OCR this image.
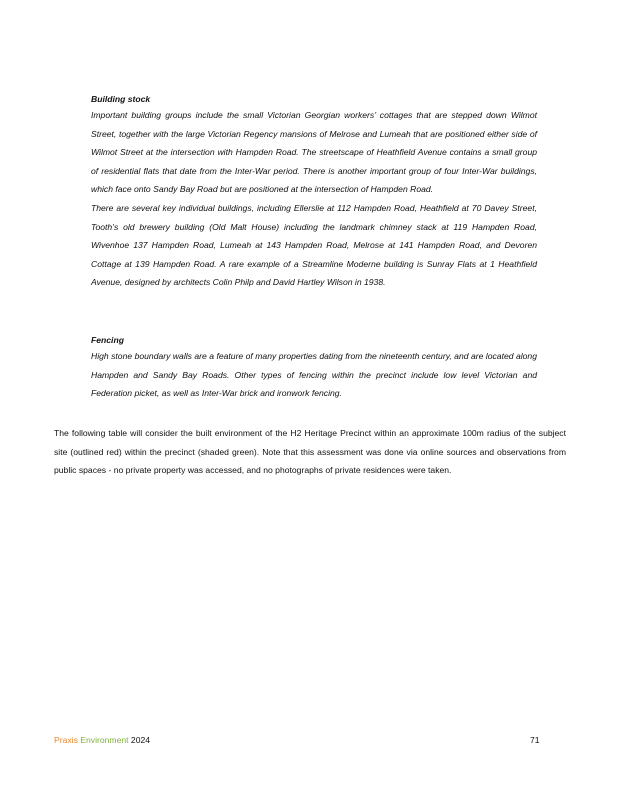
Building stock

Important building groups include the small Victorian Georgian workers’ cottages that are stepped down Wilmot Street, together with the large Victorian Regency mansions of Melrose and Lumeah that are positioned either side of Wilmot Street at the intersection with Hampden Road. The streetscape of Heathfield Avenue contains a small group of residential flats that date from the Inter-War period. There is another important group of four Inter-War buildings, which face onto Sandy Bay Road but are positioned at the intersection of Hampden Road.

There are several key individual buildings, including Ellerslie at 112 Hampden Road, Heathfield at 70 Davey Street, Tooth’s old brewery building (Old Malt House) including the landmark chimney stack at 119 Hampden Road, Wivenhoe 137 Hampden Road, Lumeah at 143 Hampden Road, Melrose at 141 Hampden Road, and Devoren Cottage at 139 Hampden Road. A rare example of a Streamline Moderne building is Sunray Flats at 1 Heathfield Avenue, designed by architects Colin Philp and David Hartley Wilson in 1938.

Fencing

High stone boundary walls are a feature of many properties dating from the nineteenth century, and are located along Hampden and Sandy Bay Roads. Other types of fencing within the precinct include low level Victorian and Federation picket, as well as Inter-War brick and ironwork fencing.

The following table will consider the built environment of the H2 Heritage Precinct within an approximate 100m radius of the subject site (outlined red) within the precinct (shaded green). Note that this assessment was done via online sources and observations from public spaces - no private property was accessed, and no photographs of private residences were taken.

Praxis Environment 2024	71
